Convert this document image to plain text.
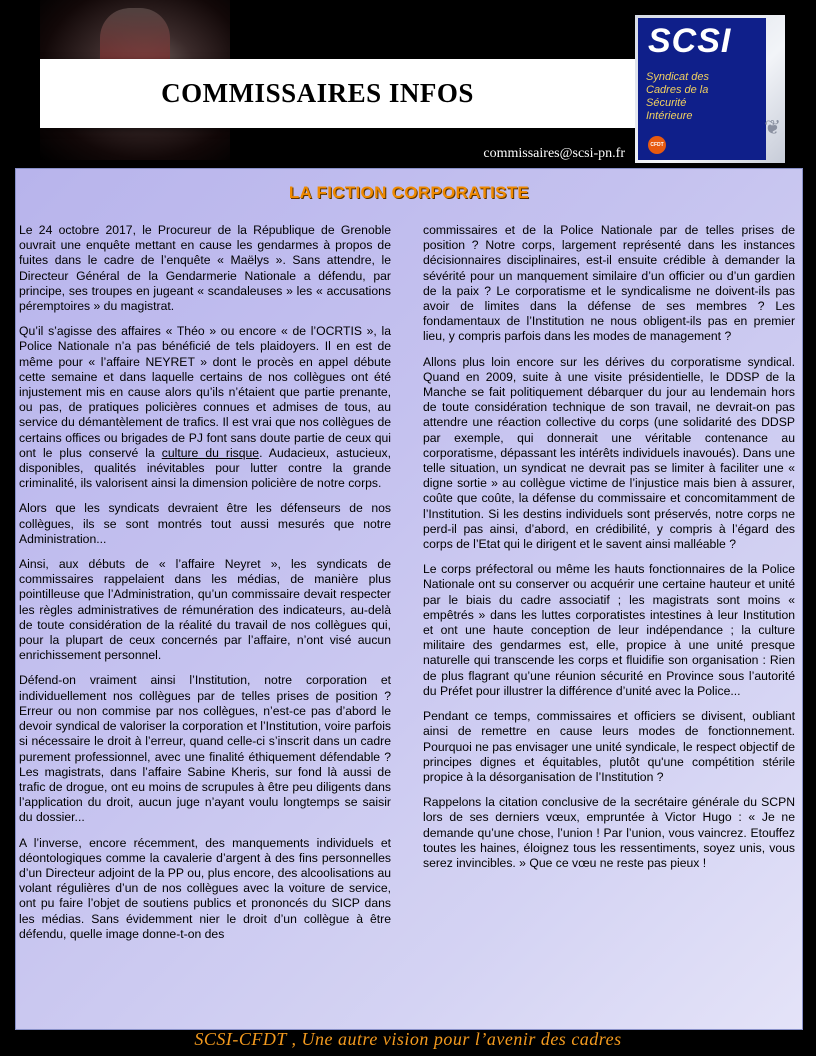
COMMISSAIRES INFOS
SCSI
Syndicat des
Cadres de la
Sécurité
Intérieure
CFDT
❦
commissaires@scsi-pn.fr
LA FICTION CORPORATISTE

Le 24 octobre 2017, le Procureur de la République de Grenoble ouvrait une enquête mettant en cause les gendarmes à propos de fuites dans le cadre de l’enquête « Maëlys ». Sans attendre, le Directeur Général de la Gendarmerie Nationale a défendu, par principe, ses troupes en jugeant « scandaleuses » les « accusations péremptoires » du magistrat.

Qu’il s’agisse des affaires « Théo » ou encore « de l’OCRTIS », la Police Nationale n’a pas bénéficié de tels plaidoyers. Il en est de même pour « l’affaire NEYRET » dont le procès en appel débute cette semaine et dans laquelle certains de nos collègues ont été injustement mis en cause alors qu’ils n’étaient que partie prenante, ou pas, de pratiques policières connues et admises de tous, au service du démantèlement de trafics. Il est vrai que nos collègues de certains offices ou brigades de PJ font sans doute partie de ceux qui ont le plus conservé la culture du risque. Audacieux, astucieux, disponibles, qualités inévitables pour lutter contre la grande criminalité, ils valorisent ainsi la dimension policière de notre corps.

Alors que les syndicats devraient être les défenseurs de nos collègues, ils se sont montrés tout aussi mesurés que notre Administration...

Ainsi, aux débuts de « l’affaire Neyret », les syndicats de commissaires rappelaient dans les médias, de manière plus pointilleuse que l’Administration, qu’un commissaire devait respecter les règles administratives de rémunération des indicateurs, au-delà de toute considération de la réalité du travail de nos collègues qui, pour la plupart de ceux concernés par l’affaire, n’ont visé aucun enrichissement personnel.

Défend-on vraiment ainsi l’Institution, notre corporation et individuellement nos collègues par de telles prises de position ? Erreur ou non commise par nos collègues, n’est-ce pas d’abord le devoir syndical de valoriser la corporation et l’Institution, voire parfois si nécessaire le droit à l’erreur, quand celle-ci s’inscrit dans un cadre purement professionnel, avec une finalité éthiquement défendable ? Les magistrats, dans l’affaire Sabine Kheris, sur fond là aussi de trafic de drogue, ont eu moins de scrupules à être peu diligents dans l’application du droit, aucun juge n’ayant voulu longtemps se saisir du dossier...

A l’inverse, encore récemment, des manquements individuels et déontologiques comme la cavalerie d’argent à des fins personnelles d’un Directeur adjoint de la PP ou, plus encore, des alcoolisations au volant régulières d’un de nos collègues avec la voiture de service, ont pu faire l’objet de soutiens publics et prononcés du SICP dans les médias. Sans évidemment nier le droit d’un collègue à être défendu, quelle image donne-t-on des

commissaires et de la Police Nationale par de telles prises de position ? Notre corps, largement représenté dans les instances décisionnaires disciplinaires, est-il ensuite crédible à demander la sévérité pour un manquement similaire d’un officier ou d’un gardien de la paix ? Le corporatisme et le syndicalisme ne doivent-ils pas avoir de limites dans la défense de ses membres ? Les fondamentaux de l’Institution ne nous obligent-ils pas en premier lieu, y compris parfois dans les modes de management ?

Allons plus loin encore sur les dérives du corporatisme syndical. Quand en 2009, suite à une visite présidentielle, le DDSP de la Manche se fait politiquement débarquer du jour au lendemain hors de toute considération technique de son travail, ne devrait-on pas attendre une réaction collective du corps (une solidarité des DDSP par exemple, qui donnerait une véritable contenance au corporatisme, dépassant les intérêts individuels inavoués). Dans une telle situation, un syndicat ne devrait pas se limiter à faciliter une « digne sortie » au collègue victime de l’injustice mais bien à assurer, coûte que coûte, la défense du commissaire et concomitamment de l’Institution. Si les destins individuels sont préservés, notre corps ne perd-il pas ainsi, d’abord, en crédibilité, y compris à l’égard des corps de l’Etat qui le dirigent et le savent ainsi malléable ?

Le corps préfectoral ou même les hauts fonctionnaires de la Police Nationale ont su conserver ou acquérir une certaine hauteur et unité par le biais du cadre associatif ; les magistrats sont moins « empêtrés » dans les luttes corporatistes intestines à leur Institution et ont une haute conception de leur indépendance ; la culture militaire des gendarmes est, elle, propice à une unité presque naturelle qui transcende les corps et fluidifie son organisation : Rien de plus flagrant qu’une réunion sécurité en Province sous l’autorité du Préfet pour illustrer la différence d’unité avec la Police...

Pendant ce temps, commissaires et officiers se divisent, oubliant ainsi de remettre en cause leurs modes de fonctionnement. Pourquoi ne pas envisager une unité syndicale, le respect objectif de principes dignes et équitables, plutôt qu'une compétition stérile propice à la désorganisation de l’Institution ?

Rappelons la citation conclusive de la secrétaire générale du SCPN lors de ses derniers vœux, empruntée à Victor Hugo : « Je ne demande qu’une chose, l’union ! Par l’union, vous vaincrez. Etouffez toutes les haines, éloignez tous les ressentiments, soyez unis, vous serez invincibles. » Que ce vœu ne reste pas pieux !

SCSI-CFDT , Une autre vision pour l’avenir des cadres
